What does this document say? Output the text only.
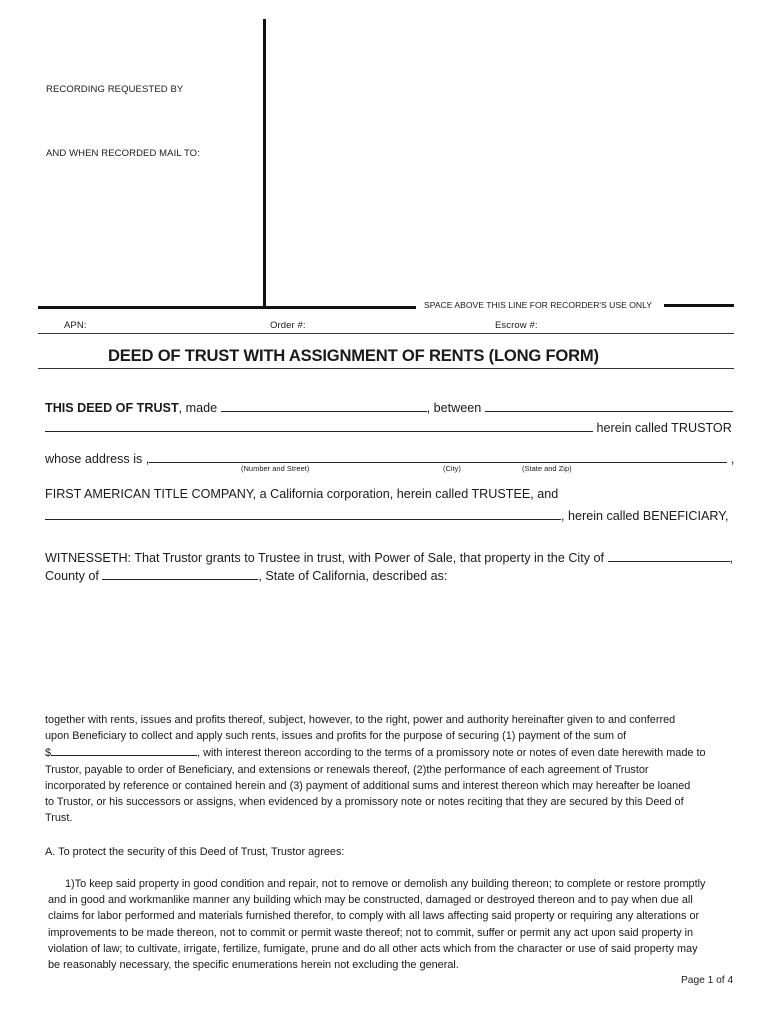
RECORDING REQUESTED BY
AND WHEN RECORDED MAIL TO:
SPACE ABOVE THIS LINE FOR RECORDER'S USE ONLY
APN:	Order #:	Escrow #:
DEED OF TRUST WITH ASSIGNMENT OF RENTS (LONG FORM)
THIS DEED OF TRUST, made	, between
herein called TRUSTOR
whose address is ,	,
(Number and Street)	(City)	(State and Zip)
FIRST AMERICAN TITLE COMPANY, a California corporation, herein called TRUSTEE, and
, herein called BENEFICIARY,
WITNESSETH: That Trustor grants to Trustee in trust, with Power of Sale, that property in the City of	,
County of	, State of California, described as:

together with rents, issues and profits thereof, subject, however, to the right, power and authority hereinafter given to and conferred

upon Beneficiary to collect and apply such rents, issues and profits for the purpose of securing (1) payment of the sum of

$	, with interest thereon according to the terms of a promissory note or notes of even date herewith made to

Trustor, payable to order of Beneficiary, and extensions or renewals thereof, (2)the performance of each agreement of Trustor

incorporated by reference or contained herein and (3) payment of additional sums and interest thereon which may hereafter be loaned

to Trustor, or his successors or assigns, when evidenced by a promissory note or notes reciting that they are secured by this Deed of

Trust.

A. To protect the security of this Deed of Trust, Trustor agrees:

1)To keep said property in good condition and repair, not to remove or demolish any building thereon; to complete or restore promptly

and in good and workmanlike manner any building which may be constructed, damaged or destroyed thereon and to pay when due all

claims for labor performed and materials furnished therefor, to comply with all laws affecting said property or requiring any alterations or

improvements to be made thereon, not to commit or permit waste thereof; not to commit, suffer or permit any act upon said property in

violation of law; to cultivate, irrigate, fertilize, fumigate, prune and do all other acts which from the character or use of said property may

be reasonably necessary, the specific enumerations herein not excluding the general.

Page 1 of 4
